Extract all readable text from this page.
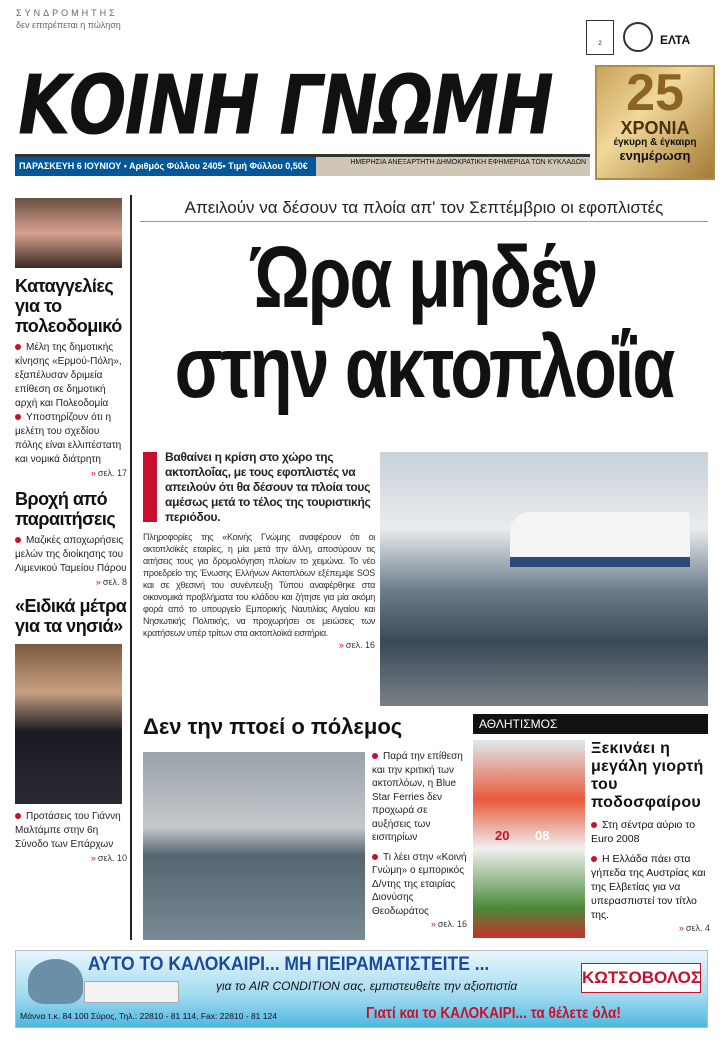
ΣΥΝΔΡΟΜΗΤΗΣ
δεν επιτρέπεται η πώληση
2	ΕΛΤΑ
ΚΟΙΝΗ ΓΝΩΜΗ
ΠΑΡΑΣΚΕΥΗ 6 ΙΟΥΝΙΟΥ • Αριθμός Φύλλου 2405• Τιμή Φύλλου 0,50€	ΗΜΕΡΗΣΙΑ ΑΝΕΞΑΡΤΗΤΗ ΔΗΜΟΚΡΑΤΙΚΗ ΕΦΗΜΕΡΙΔΑ ΤΩΝ ΚΥΚΛΑΔΩΝ
25
ΧΡΟΝΙΑ
έγκυρη & έγκαιρη
ενημέρωση
Καταγγελίες για το πολεοδομικό
Μέλη της δημοτικής κίνησης «Ερμού-Πόλη», εξαπέλυσαν δριμεία επίθεση σε δημοτική αρχή και Πολεοδομία
Υποστηρίζουν ότι η μελέτη του σχεδίου πόλης είναι ελλιπέστατη και νομικά διάτρητη
» σελ. 17
Βροχή από παραιτήσεις
Μαζικές αποχωρήσεις μελών της διοίκησης του Λιμενικού Ταμείου Πάρου
» σελ. 8
«Ειδικά μέτρα για τα νησιά»
Προτάσεις του Γιάννη Μαλτάμπε στην 6η Σύνοδο των Επάρχων
» σελ. 10
Απειλούν να δέσουν τα πλοία απ' τον Σεπτέμβριο οι εφοπλιστές
Ώρα μηδέν
στην ακτοπλοΐα
Βαθαίνει η κρίση στο χώρο της ακτοπλοΐας, με τους εφοπλιστές να απειλούν ότι θα δέσουν τα πλοία τους αμέσως μετά το τέλος της τουριστικής περιόδου.
Πληροφορίες της «Κοινής Γνώμης αναφέρουν ότι οι ακτοπλοϊκές εταιρίες, η μία μετά την άλλη, αποσύρουν τις αιτήσεις τους για δρομολόγηση πλοίων το χειμώνα. Το νέο προεδρείο της Ένωσης Ελλήνων Ακτοπλόων εξέπεμψε SOS και σε χθεσινή του συνέντευξη Τύπου αναφέρθηκε στα οικονομικά προβλήματα του κλάδου και ζήτησε για μία ακόμη φορά από το υπουργείο Εμπορικής Ναυτιλίας Αιγαίου και Νησιωτικής Πολιτικής, να προχωρήσει σε μειώσεις των κρατήσεων υπέρ τρίτων στα ακτοπλοϊκά εισιτήρια.
» σελ. 16
Δεν την πτοεί ο πόλεμος
Παρά την επίθεση και την κριτική των ακτοπλόων, η Blue Star Ferries δεν προχωρά σε αυξήσεις των εισιτηρίων
Τι λέει στην «Κοινή Γνώμη» ο εμπορικός Δ/ντης της εταιρίας Διονύσης Θεοδωράτος
» σελ. 16
ΑΘΛΗΤΙΣΜΟΣ
20 08
Ξεκινάει η μεγάλη γιορτή του ποδοσφαίρου
Στη σέντρα αύριο το Euro 2008
Η Ελλάδα πάει στα γήπεδα της Αυστρίας και της Ελβετίας για να υπερασπιστεί τον τίτλο της.
» σελ. 4
ΑΥΤΟ ΤΟ ΚΑΛΟΚΑΙΡΙ... ΜΗ ΠΕΙΡΑΜΑΤΙΣΤΕΙΤΕ ...
για το AIR CONDITION σας, εμπιστευθείτε την αξιοπιστία	ΚΩΤΣΟΒΟΛΟΣ
Μάννα τ.κ. 84 100 Σύρος, Τηλ.: 22810 - 81 114, Fax: 22810 - 81 124	Γιατί και το ΚΑΛΟΚΑΙΡΙ... τα θέλετε όλα!
